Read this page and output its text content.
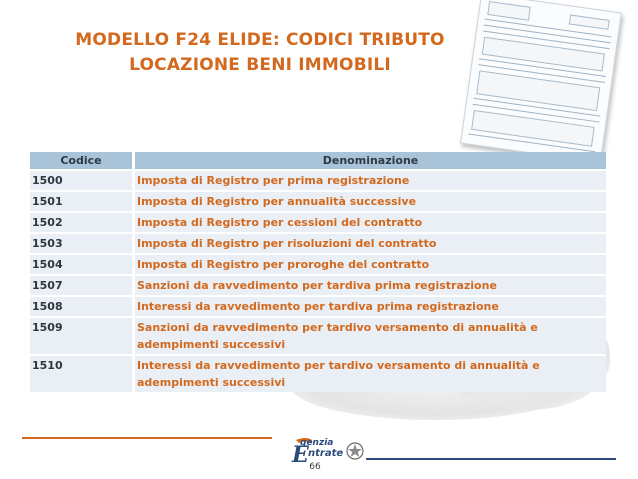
MODELLO F24 ELIDE: CODICI TRIBUTO
LOCAZIONE BENI IMMOBILI
Codice	Denominazione
1500	Imposta di Registro per prima registrazione
1501	Imposta di Registro per annualità successive
1502	Imposta di Registro per cessioni del contratto
1503	Imposta di Registro per risoluzioni del contratto
1504	Imposta di Registro per proroghe del contratto
1507	Sanzioni da ravvedimento per tardiva prima registrazione
1508	Interessi da ravvedimento per tardiva prima registrazione
1509	Sanzioni da ravvedimento per tardivo versamento di annualità e adempimenti successivi
1510	Interessi da ravvedimento per tardivo versamento di annualità e adempimenti successivi
E
genzia
ntrate
66
